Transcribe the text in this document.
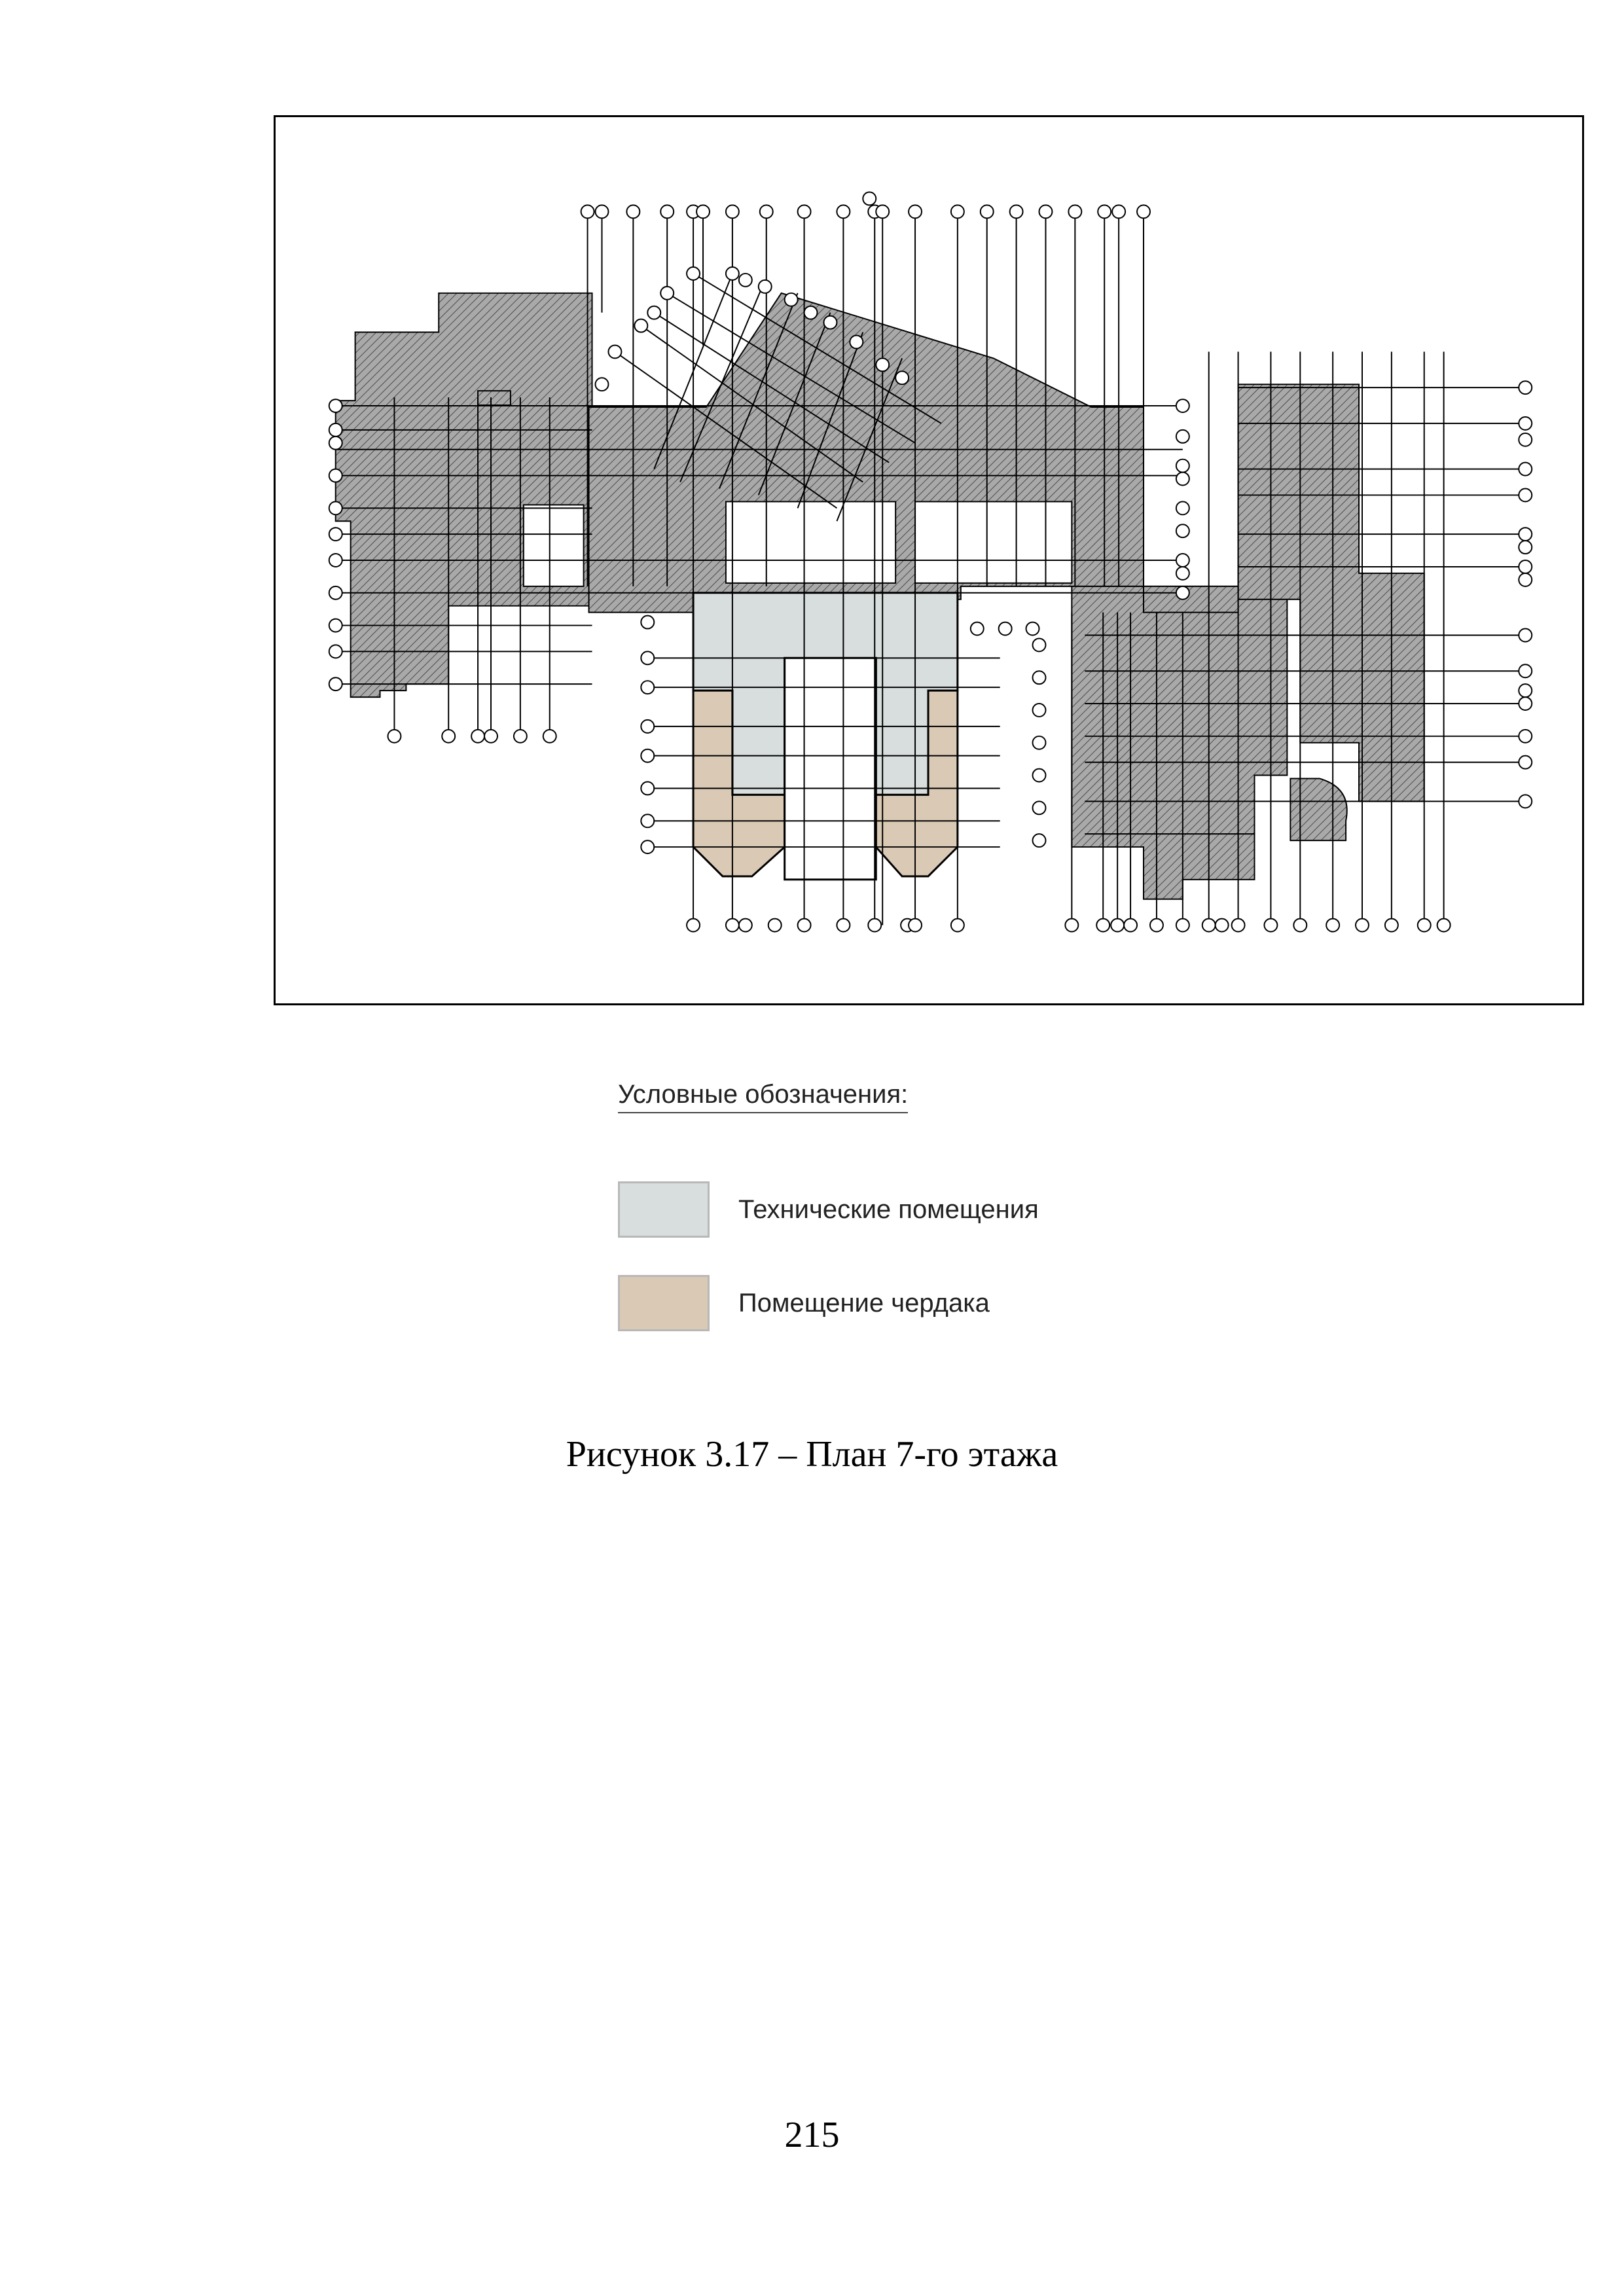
Условные обозначения:
Технические помещения
Помещение чердака
Рисунок 3.17 – План 7-го этажа
215
